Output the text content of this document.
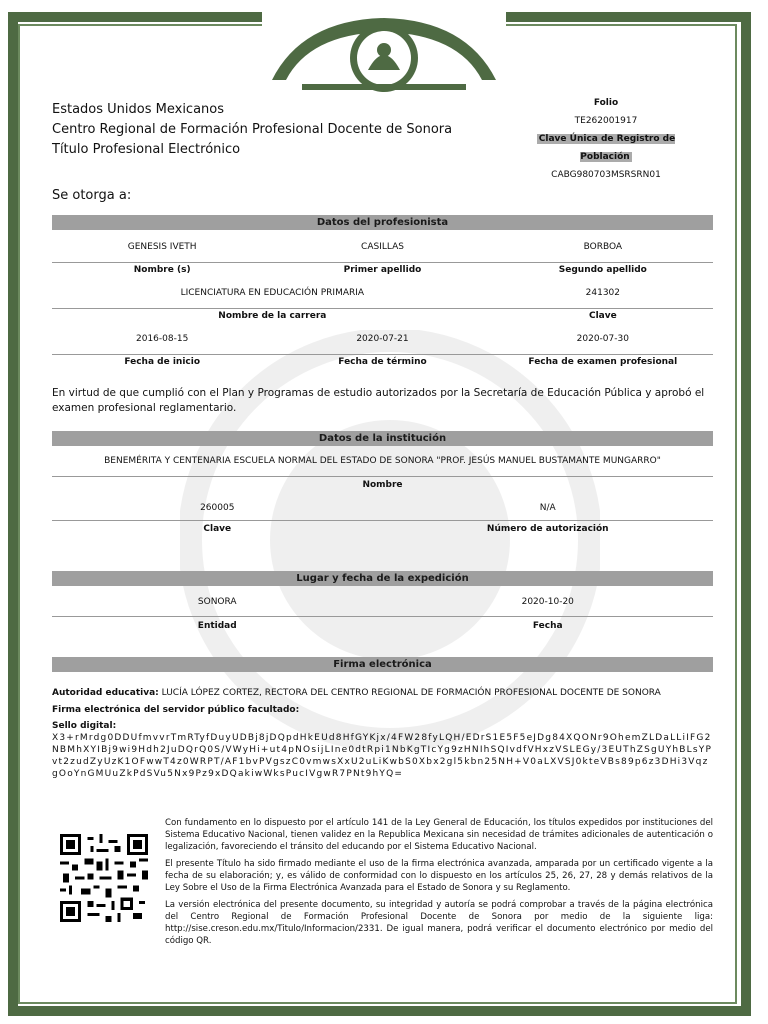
Estados Unidos Mexicanos
Centro Regional de Formación Profesional Docente de Sonora
Título Profesional Electrónico
Folio
TE262001917
Clave Única de Registro de Población
CABG980703MSRSRN01
Se otorga a:
Datos del profesionista
GENESIS IVETH	CASILLAS	BORBOA
Nombre (s)	Primer apellido	Segundo apellido
LICENCIATURA EN EDUCACIÓN PRIMARIA	241302
Nombre de la carrera	Clave
2016-08-15	2020-07-21	2020-07-30
Fecha de inicio	Fecha de término	Fecha de examen profesional
En virtud de que cumplió con el Plan y Programas de estudio autorizados por la Secretaría de Educación Pública y aprobó el examen profesional reglamentario.
Datos de la institución
BENEMÉRITA Y CENTENARIA ESCUELA NORMAL DEL ESTADO DE SONORA "PROF. JESÚS MANUEL BUSTAMANTE MUNGARRO"
Nombre
260005	N/A
Clave	Número de autorización
Lugar y fecha de la expedición
SONORA	2020-10-20
Entidad	Fecha
Firma electrónica
Autoridad educativa: LUCÍA LÓPEZ CORTEZ, RECTORA DEL CENTRO REGIONAL DE FORMACIÓN PROFESIONAL DOCENTE DE SONORA
Firma electrónica del servidor público facultado:
Sello digital:
X3+rMrdg0DDUfmvvrTmRTyfDuyUDBj8jDQpdHkEUd8HfGYKjx/4FW28fyLQH/EDrS1E5F5eJDg84XQONr9OhemZLDaLLiIFG2NBMhXYIBj9wi9Hdh2JuDQrQ0S/VWyHi+ut4pNOsijLIne0dtRpi1NbKgTIcYg9zHNIhSQIvdfVHxzVSLEGy/3EUThZSgUYhBLsYPvt2zudZyUzK1OFwwT4z0WRPT/AF1bvPVgszC0vmwsXxU2uLiKwbS0Xbx2gl5kbn25NH+V0aLXVSJ0kteVBs89p6z3DHi3VqzgOoYnGMUuZkPdSVu5Nx9Pz9xDQakiwWksPucIVgwR7PNt9hYQ=

Con fundamento en lo dispuesto por el artículo 141 de la Ley General de Educación, los títulos expedidos por instituciones del Sistema Educativo Nacional, tienen validez en la Republica Mexicana sin necesidad de trámites adicionales de autenticación o legalización, favoreciendo el tránsito del educando por el Sistema Educativo Nacional.

El presente Título ha sido firmado mediante el uso de la firma electrónica avanzada, amparada por un certificado vigente a la fecha de su elaboración; y, es válido de conformidad con lo dispuesto en los artículos 25, 26, 27, 28 y demás relativos de la Ley Sobre el Uso de la Firma Electrónica Avanzada para el Estado de Sonora y su Reglamento.

La versión electrónica del presente documento, su integridad y autoría se podrá comprobar a través de la página electrónica del Centro Regional de Formación Profesional Docente de Sonora por medio de la siguiente liga: http://sise.creson.edu.mx/Titulo/Informacion/2331. De igual manera, podrá verificar el documento electrónico por medio del código QR.
